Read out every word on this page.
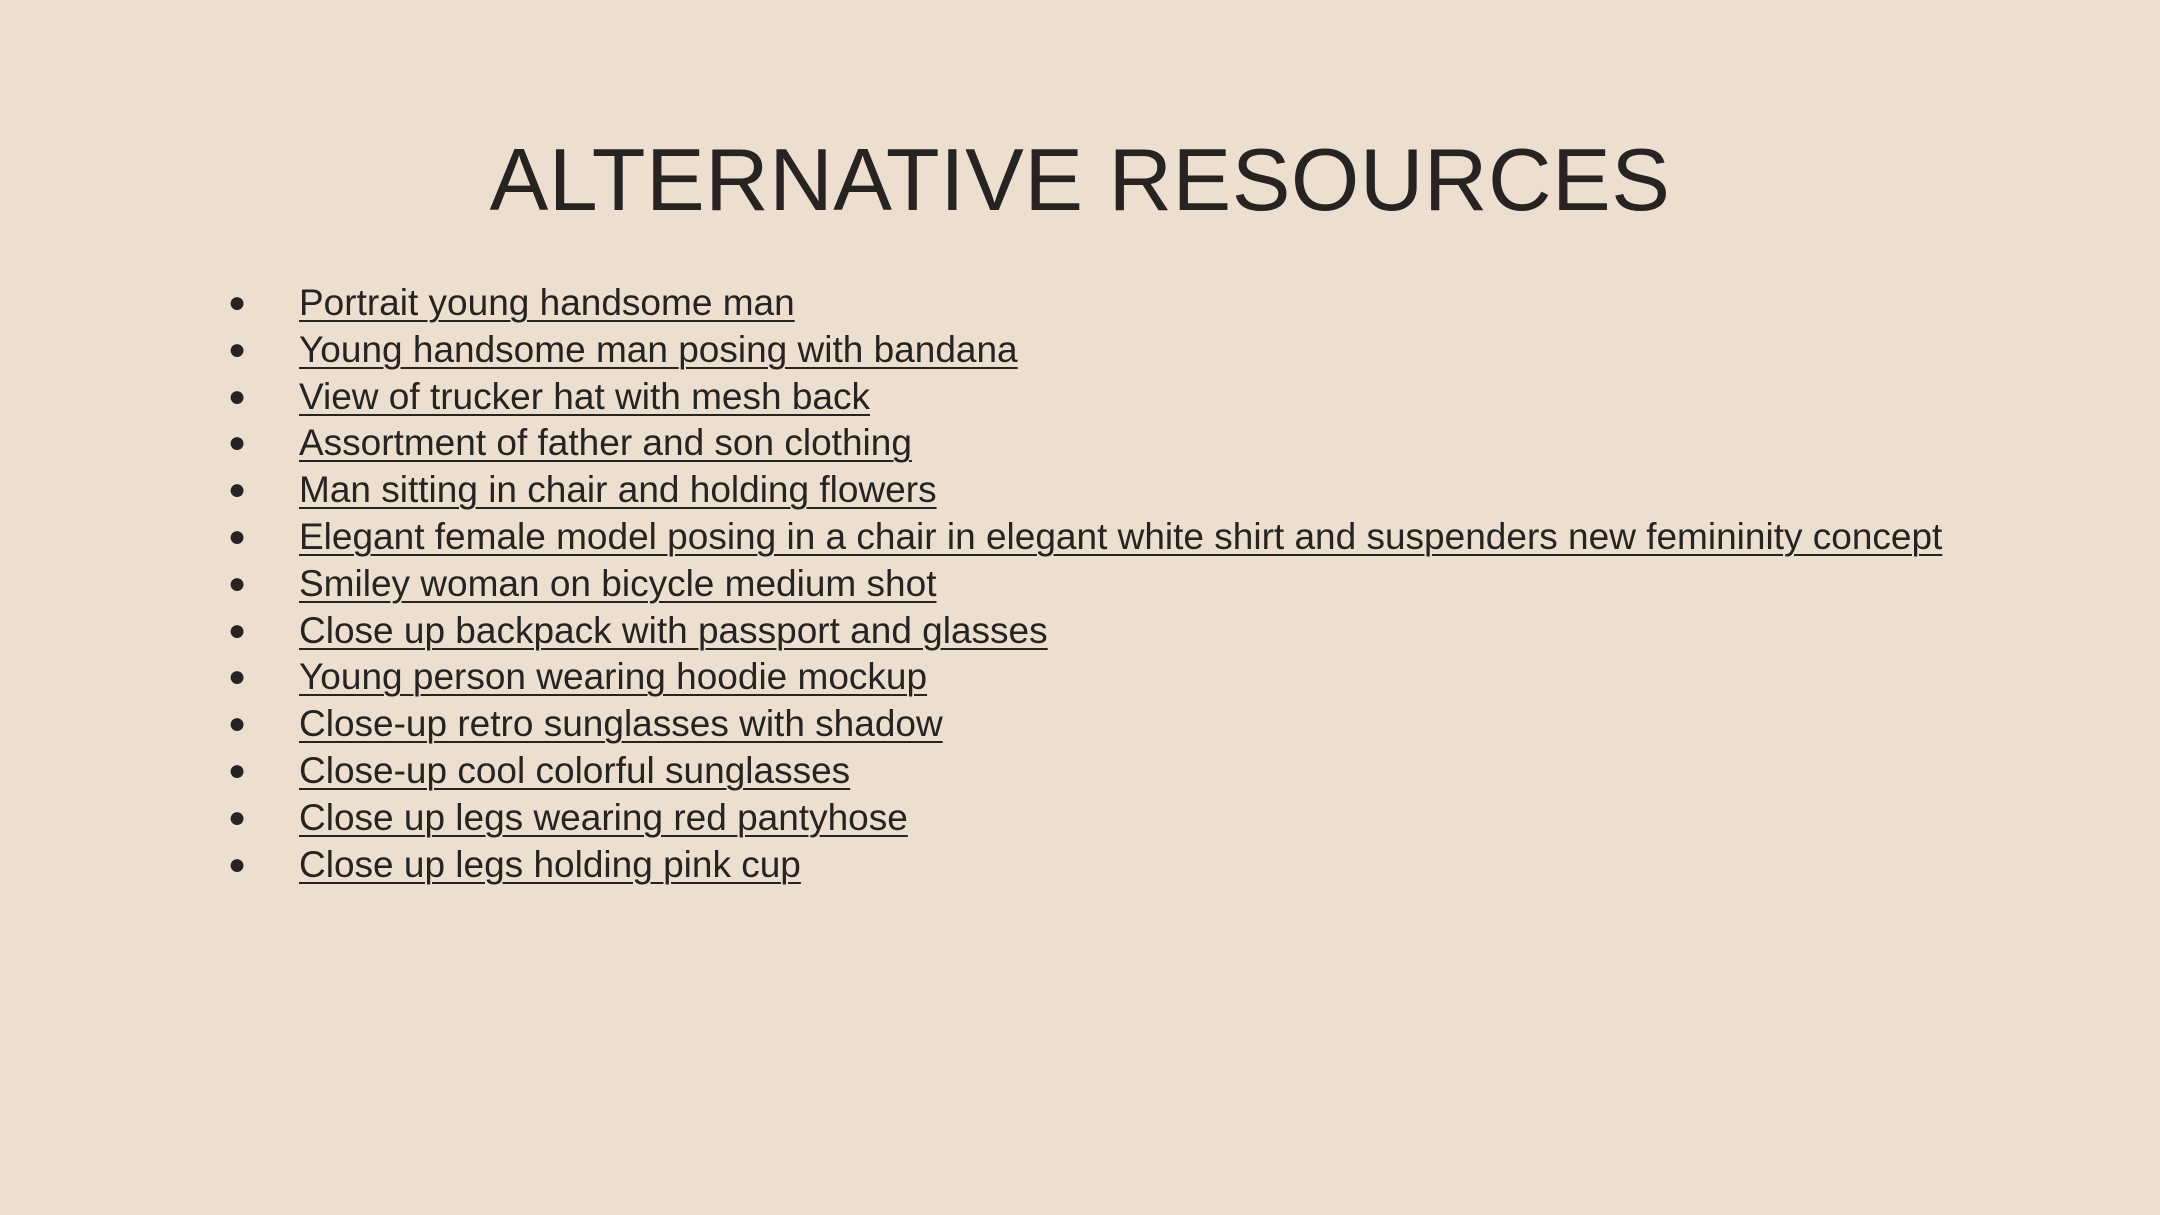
ALTERNATIVE RESOURCES
●	Portrait young handsome man
●	Young handsome man posing with bandana
●	View of trucker hat with mesh back
●	Assortment of father and son clothing
●	Man sitting in chair and holding flowers
●	Elegant female model posing in a chair in elegant white shirt and suspenders new femininity concept
●	Smiley woman on bicycle medium shot
●	Close up backpack with passport and glasses
●	Young person wearing hoodie mockup
●	Close-up retro sunglasses with shadow
●	Close-up cool colorful sunglasses
●	Close up legs wearing red pantyhose
●	Close up legs holding pink cup
